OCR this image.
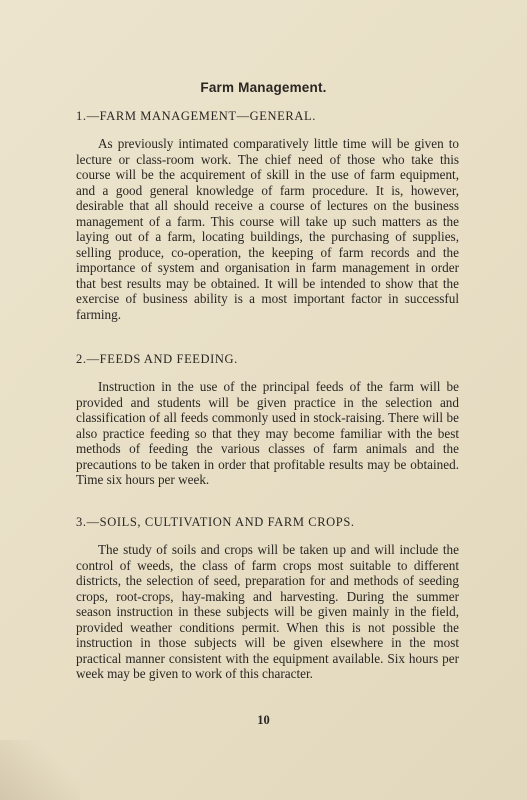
Farm Management.
1.—FARM MANAGEMENT—GENERAL.

As previously intimated comparatively little time will be given to lecture or class-room work. The chief need of those who take this course will be the acquirement of skill in the use of farm equipment, and a good general knowledge of farm procedure. It is, however, desirable that all should receive a course of lectures on the business management of a farm. This course will take up such matters as the laying out of a farm, locating buildings, the purchasing of supplies, selling produce, co-operation, the keeping of farm records and the importance of system and organisation in farm management in order that best results may be obtained. It will be intended to show that the exercise of business ability is a most important factor in successful farming.

2.—FEEDS AND FEEDING.

Instruction in the use of the principal feeds of the farm will be provided and students will be given practice in the selection and classification of all feeds commonly used in stock-raising. There will be also practice feeding so that they may become familiar with the best methods of feeding the various classes of farm animals and the precautions to be taken in order that profitable results may be obtained. Time six hours per week.

3.—SOILS, CULTIVATION AND FARM CROPS.

The study of soils and crops will be taken up and will include the control of weeds, the class of farm crops most suitable to different districts, the selection of seed, preparation for and methods of seeding crops, root-crops, hay-making and harvesting. During the summer season instruction in these subjects will be given mainly in the field, provided weather conditions permit. When this is not possible the instruction in those subjects will be given elsewhere in the most practical manner consistent with the equipment available. Six hours per week may be given to work of this character.

10
